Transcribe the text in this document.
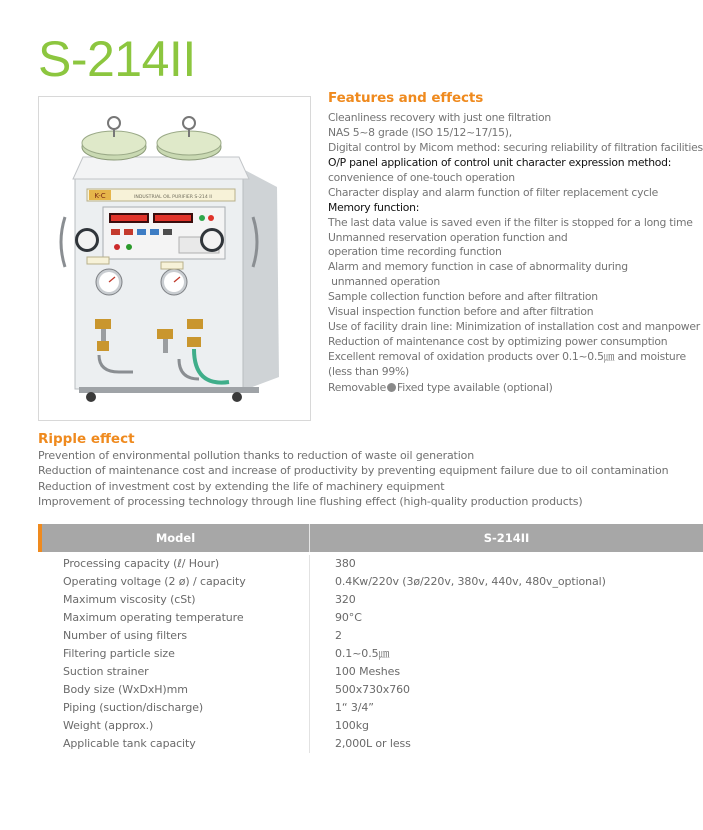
S-214II
K-C	INDUSTRIAL OIL PURIFIER S-214 II
Features and effects
Cleanliness recovery with just one filtration
NAS 5~8 grade (ISO 15/12~17/15),
Digital control by Micom method: securing reliability of filtration facilities
O/P panel application of control unit character expression method:
convenience of one-touch operation
Character display and alarm function of filter replacement cycle
Memory function:
The last data value is saved even if the filter is stopped for a long time
Unmanned reservation operation function and
operation time recording function
Alarm and memory function in case of abnormality during
unmanned operation
Sample collection function before and after filtration
Visual inspection function before and after filtration
Use of facility drain line: Minimization of installation cost and manpower
Reduction of maintenance cost by optimizing power consumption
Excellent removal of oxidation products over 0.1~0.5㎛ and moisture
(less than 99%)
Removable Fixed type available (optional)
Ripple effect
Prevention of environmental pollution thanks to reduction of waste oil generation
Reduction of maintenance cost and increase of productivity by preventing equipment failure due to oil contamination
Reduction of investment cost by extending the life of machinery equipment
Improvement of processing technology through line flushing effect (high-quality production products)
Model	S-214II
Processing capacity (ℓ/ Hour)	380
Operating voltage (2 ø) / capacity	0.4Kw/220v (3ø/220v, 380v, 440v, 480v_optional)
Maximum viscosity (cSt)	320
Maximum operating temperature	90°C
Number of using filters	2
Filtering particle size	0.1~0.5㎛
Suction strainer	100 Meshes
Body size (WxDxH)mm	500x730x760
Piping (suction/discharge)	1“ 3/4”
Weight (approx.)	100kg
Applicable tank capacity	2,000L or less
